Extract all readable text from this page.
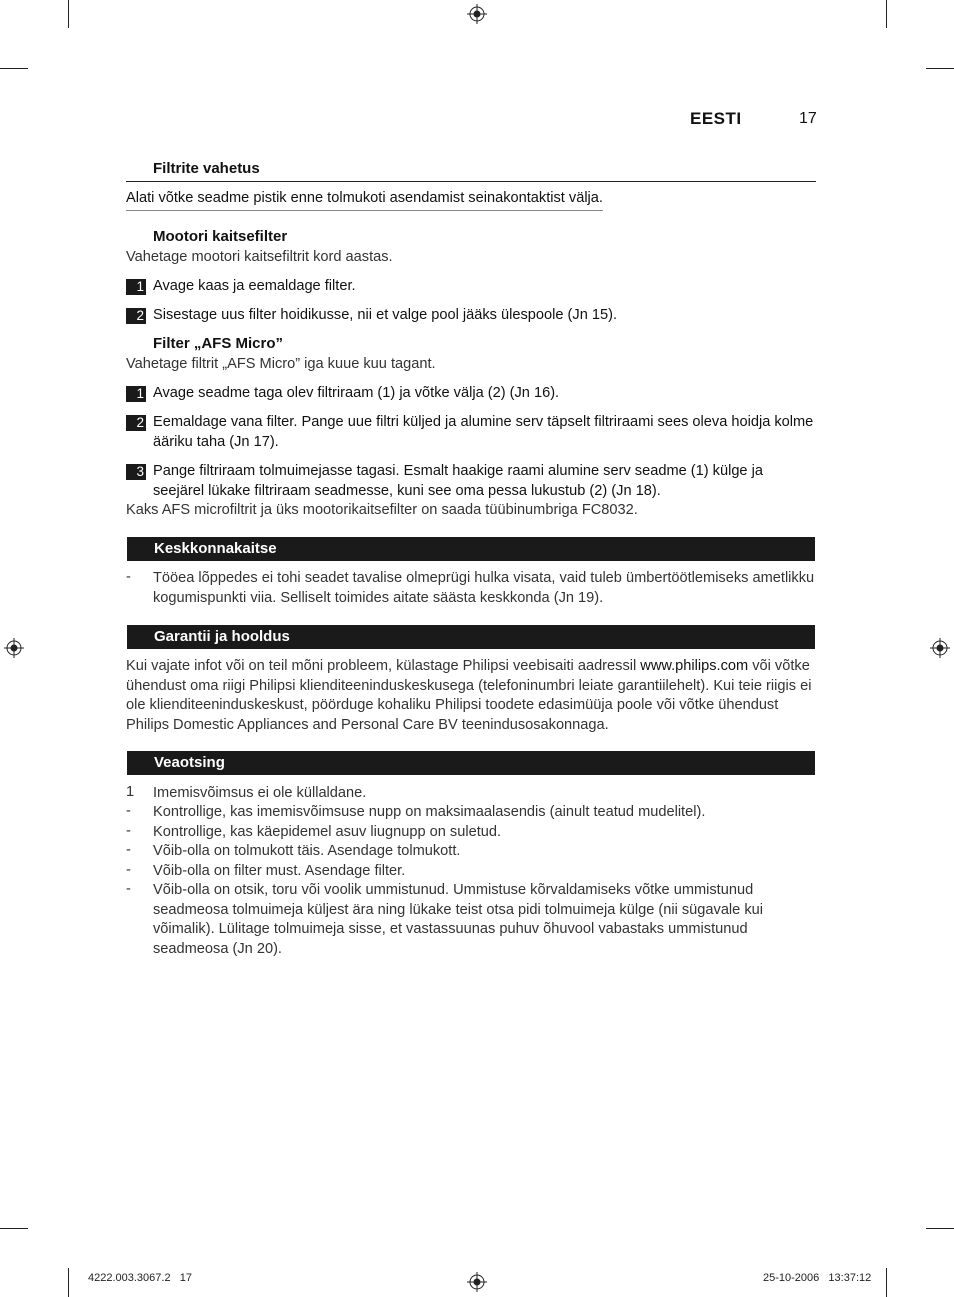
EESTI	17
Filtrite vahetus
Alati võtke seadme pistik enne tolmukoti asendamist seinakontaktist välja.
Mootori kaitsefilter
Vahetage mootori kaitsefiltrit kord aastas.
1 Avage kaas ja eemaldage filter.
2 Sisestage uus filter hoidikusse, nii et valge pool jääks ülespoole (Jn 15).
Filter „AFS Micro”
Vahetage filtrit „AFS Micro” iga kuue kuu tagant.
1 Avage seadme taga olev filtriraam (1) ja võtke välja (2) (Jn 16).
2 Eemaldage vana filter. Pange uue filtri küljed ja alumine serv täpselt filtriraami sees oleva hoidja kolme ääriku taha (Jn 17).
3 Pange filtriraam tolmuimejasse tagasi. Esmalt haakige raami alumine serv seadme (1) külge ja seejärel lükake filtriraam seadmesse, kuni see oma pessa lukustub (2) (Jn 18).
Kaks AFS microfiltrit ja üks mootorikaitsefilter on saada tüübinumbriga FC8032.
Keskkonnakaitse
- Tööea lõppedes ei tohi seadet tavalise olmeprügi hulka visata, vaid tuleb ümbertöötlemiseks ametlikku kogumispunkti viia. Selliselt toimides aitate säästa keskkonda (Jn 19).
Garantii ja hooldus
Kui vajate infot või on teil mõni probleem, külastage Philipsi veebisaiti aadressil www.philips.com või võtke ühendust oma riigi Philipsi klienditeeninduskeskusega (telefoninumbri leiate garantiilehelt). Kui teie riigis ei ole klienditeeninduskeskust, pöörduge kohaliku Philipsi toodete edasimüüja poole või võtke ühendust Philips Domestic Appliances and Personal Care BV teenindusosakonnaga.
Veaotsing
1 Imemisvõimsus ei ole küllaldane.
- Kontrollige, kas imemisvõimsuse nupp on maksimaalasendis (ainult teatud mudelitel).
- Kontrollige, kas käepidemel asuv liugnupp on suletud.
- Võib-olla on tolmukott täis. Asendage tolmukott.
- Võib-olla on filter must. Asendage filter.
- Võib-olla on otsik, toru või voolik ummistunud. Ummistuse kõrvaldamiseks võtke ummistunud seadmeosa tolmuimeja küljest ära ning lükake teist otsa pidi tolmuimeja külge (nii sügavale kui võimalik). Lülitage tolmuimeja sisse, et vastassuunas puhuv õhuvool vabastaks ummistunud seadmeosa (Jn 20).
4222.003.3067.2   17	25-10-2006   13:37:12
